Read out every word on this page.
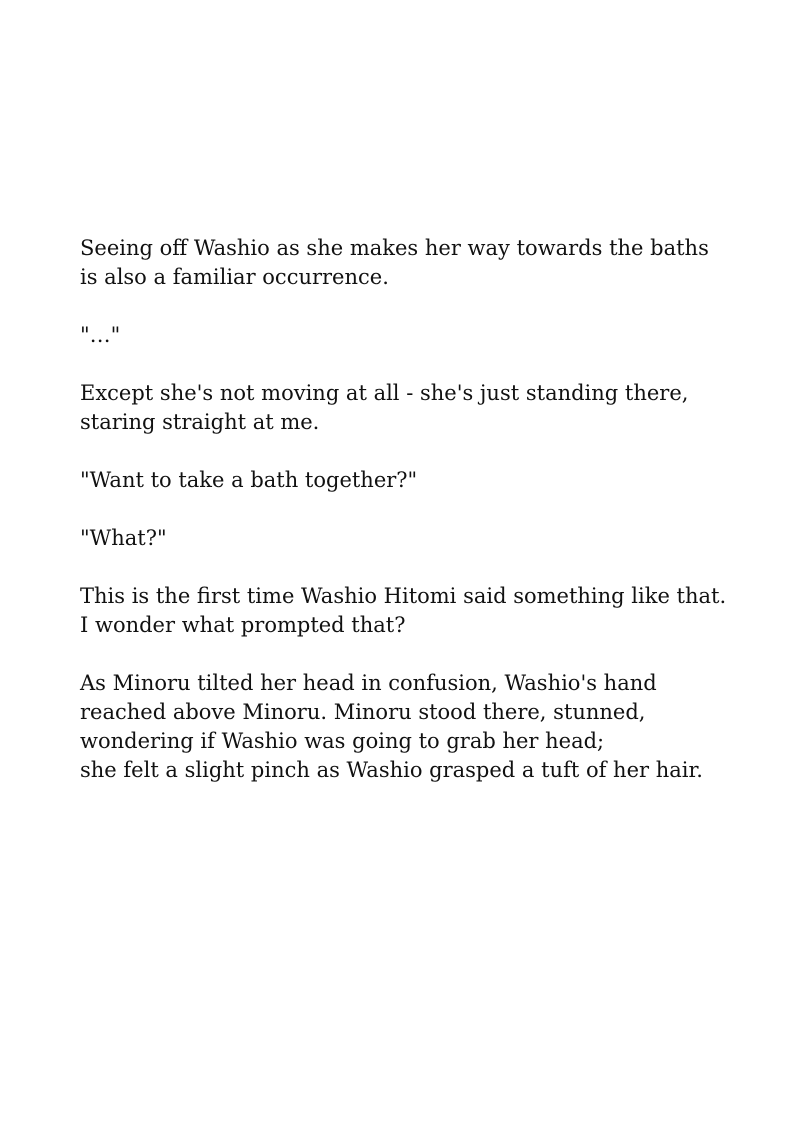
Seeing off Washio as she makes her way towards the baths
is also a familiar occurrence.

"…"

Except she's not moving at all - she's just standing there,
staring straight at me.

"Want to take a bath together?"

"What?"

This is the first time Washio Hitomi said something like that.
I wonder what prompted that?

As Minoru tilted her head in confusion, Washio's hand
reached above Minoru. Minoru stood there, stunned,
wondering if Washio was going to grab her head;
she felt a slight pinch as Washio grasped a tuft of her hair.
